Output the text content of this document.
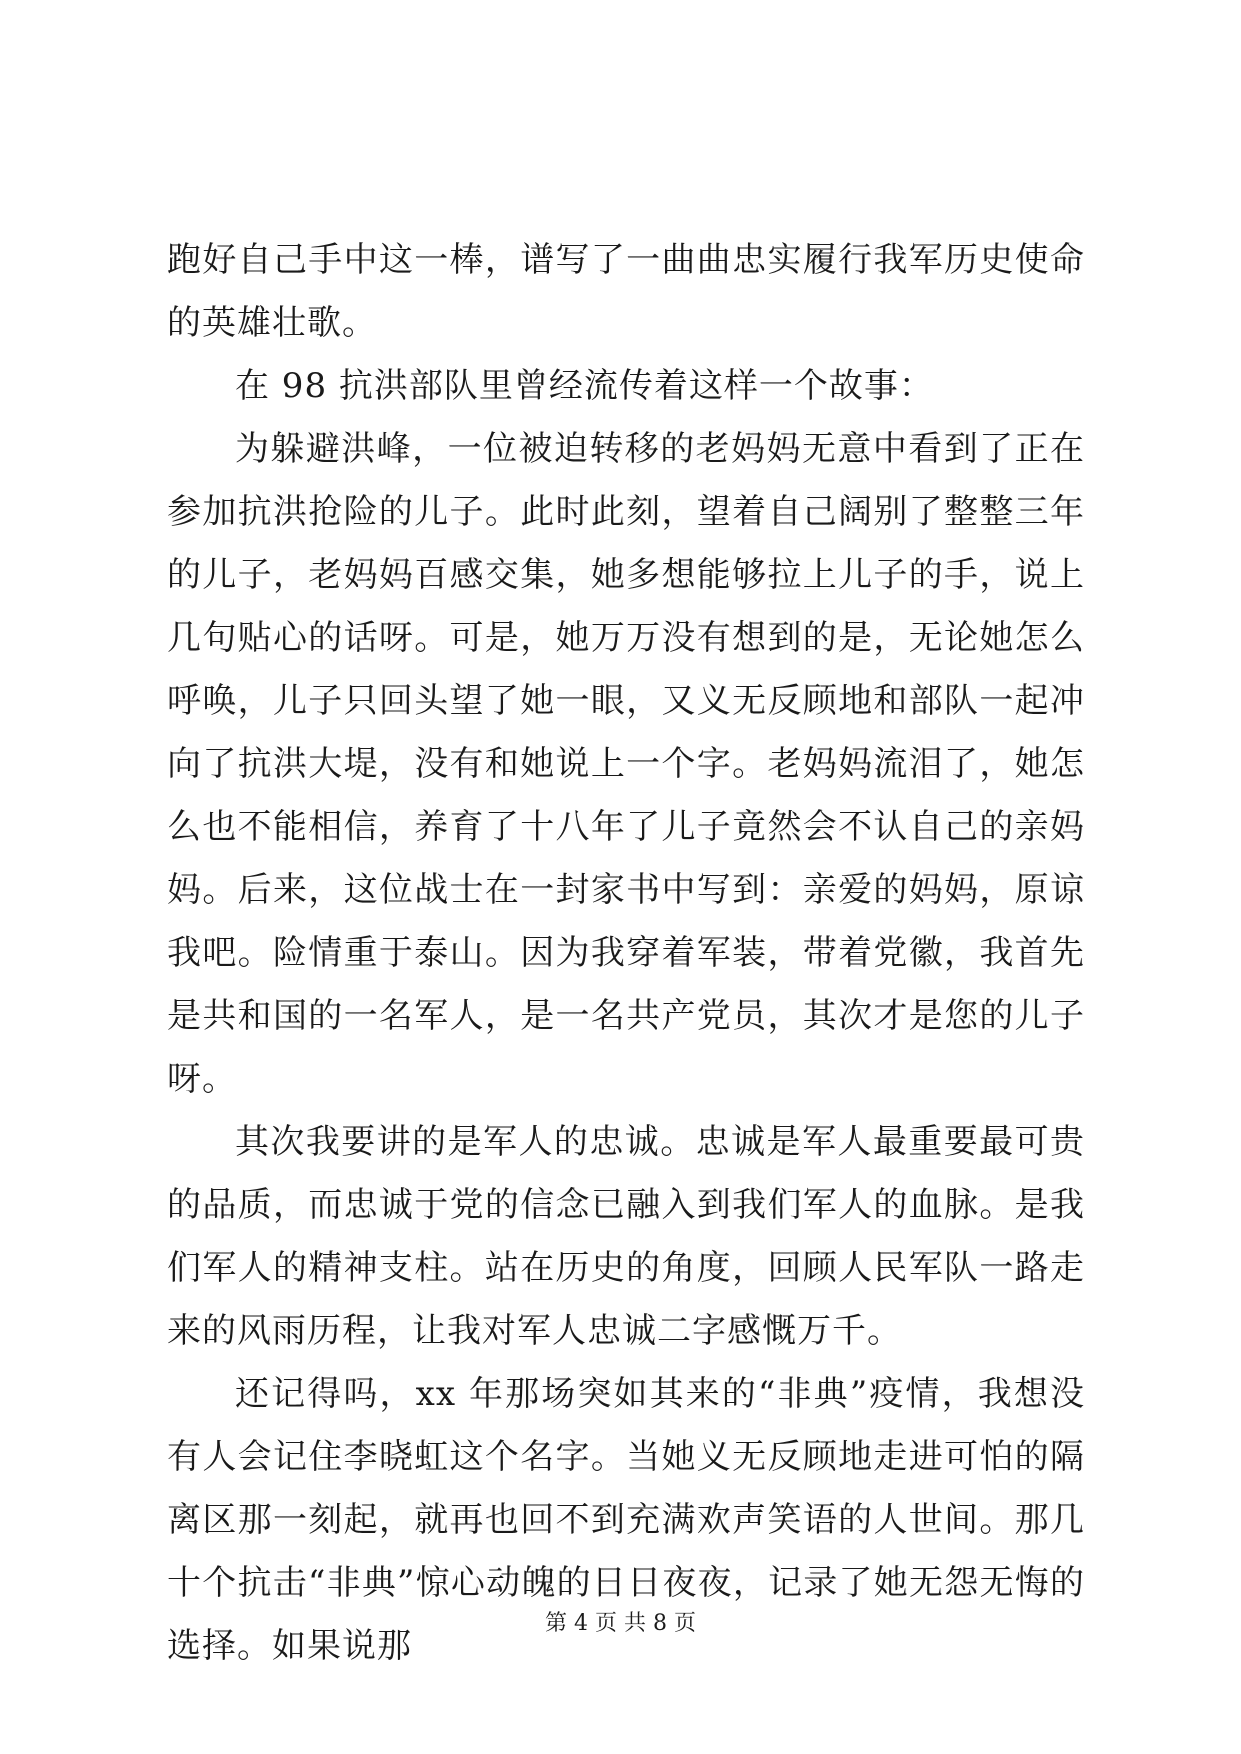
跑好自己手中这一棒，谱写了一曲曲忠实履行我军历史使命的英雄壮歌。

在 98 抗洪部队里曾经流传着这样一个故事：

为躲避洪峰，一位被迫转移的老妈妈无意中看到了正在参加抗洪抢险的儿子。此时此刻，望着自己阔别了整整三年的儿子，老妈妈百感交集，她多想能够拉上儿子的手，说上几句贴心的话呀。可是，她万万没有想到的是，无论她怎么呼唤，儿子只回头望了她一眼，又义无反顾地和部队一起冲向了抗洪大堤，没有和她说上一个字。老妈妈流泪了，她怎么也不能相信，养育了十八年了儿子竟然会不认自己的亲妈妈。后来，这位战士在一封家书中写到：亲爱的妈妈，原谅我吧。险情重于泰山。因为我穿着军装，带着党徽，我首先是共和国的一名军人，是一名共产党员，其次才是您的儿子呀。

其次我要讲的是军人的忠诚。忠诚是军人最重要最可贵的品质，而忠诚于党的信念已融入到我们军人的血脉。是我们军人的精神支柱。站在历史的角度，回顾人民军队一路走来的风雨历程，让我对军人忠诚二字感慨万千。

还记得吗，xx 年那场突如其来的“非典”疫情，我想没有人会记住李晓虹这个名字。当她义无反顾地走进可怕的隔离区那一刻起，就再也回不到充满欢声笑语的人世间。那几十个抗击“非典”惊心动魄的日日夜夜，记录了她无怨无悔的选择。如果说那

第 4 页 共 8 页
